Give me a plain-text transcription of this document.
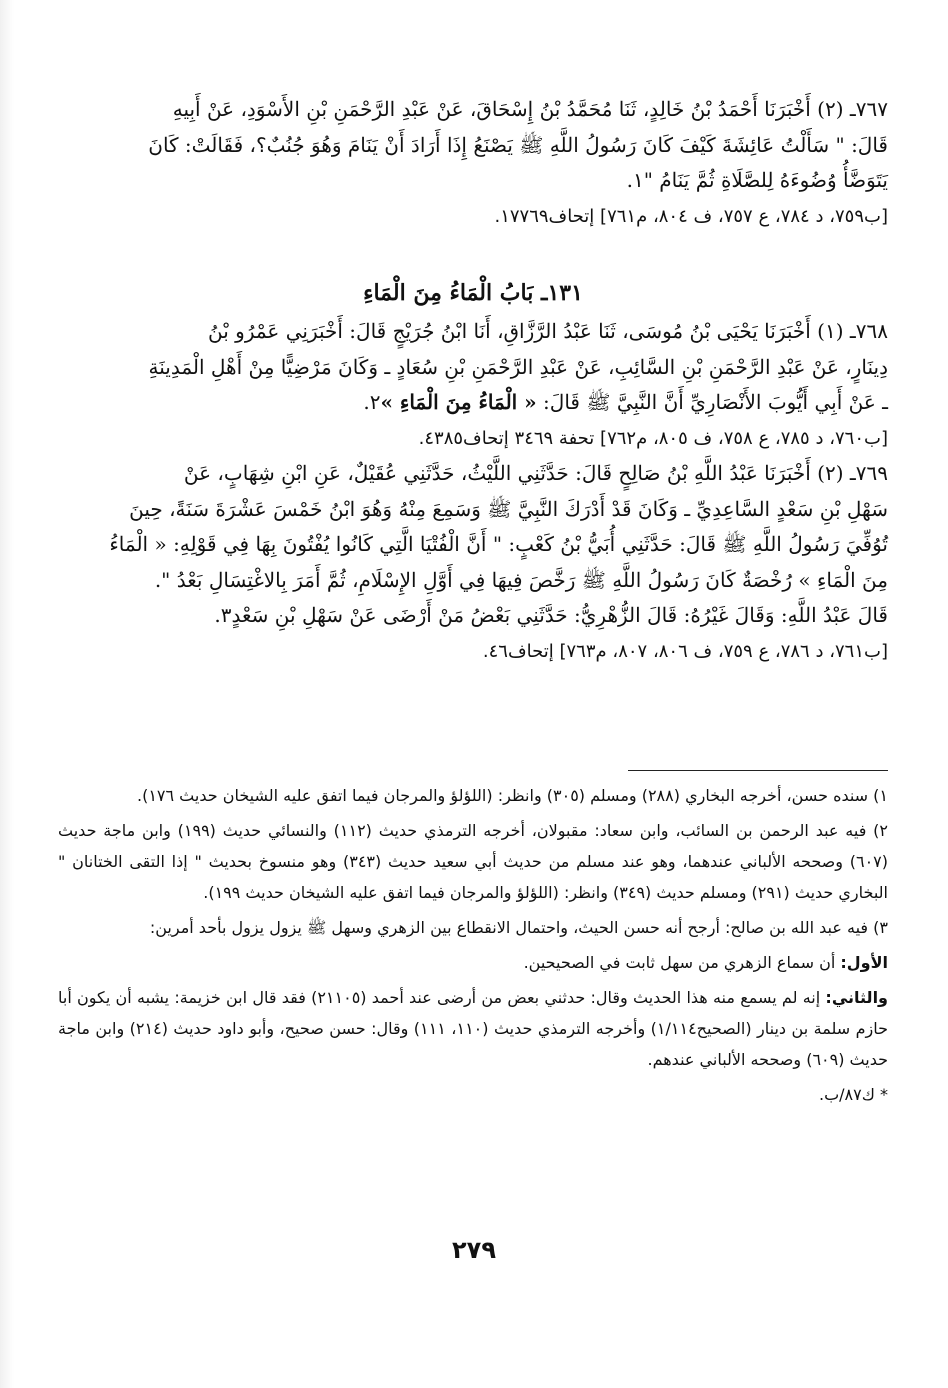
٧٦٧ـ (٢) أَخْبَرَنَا أَحْمَدُ بْنُ خَالِدٍ، ثَنَا مُحَمَّدُ بْنُ إِسْحَاقَ، عَنْ عَبْدِ الرَّحْمَنِ بْنِ الأَسْوَدِ، عَنْ أَبِيهِ

قَالَ: " سَأَلْتُ عَائِشَةَ كَيْفَ كَانَ رَسُولُ اللَّهِ ﷺ يَصْنَعُ إِذَا أَرَادَ أَنْ يَنَامَ وَهُوَ جُنُبٌ؟، فَقَالَتْ: كَانَ

يَتَوَضَّأُ وُضُوءَهُ لِلصَّلَاةِ ثُمَّ يَنَامُ "١.

[ب٧٥٩، د ٧٨٤، ع ٧٥٧، ف ٨٠٤، م٧٦١] إتحاف١٧٧٦٩.

١٣١ـ بَابُ الْمَاءُ مِنَ الْمَاءِ

٧٦٨ـ (١) أَخْبَرَنَا يَحْيَى بْنُ مُوسَى، ثَنَا عَبْدُ الرَّزَّاقِ، أَنَا ابْنُ جُرَيْجٍ قَالَ: أَخْبَرَنِي عَمْرُو بْنُ

دِينَارٍ، عَنْ عَبْدِ الرَّحْمَنِ بْنِ السَّائِبِ، عَنْ عَبْدِ الرَّحْمَنِ بْنِ سُعَادٍ ـ وَكَانَ مَرْضِيًّا مِنْ أَهْلِ الْمَدِينَةِ

ـ عَنْ أَبِي أَيُّوبَ الأَنْصَارِيِّ أَنَّ النَّبِيَّ ﷺ قَالَ: « الْمَاءُ مِنَ الْمَاءِ »٢.

[ب٧٦٠، د ٧٨٥، ع ٧٥٨، ف ٨٠٥، م٧٦٢] تحفة ٣٤٦٩ إتحاف٤٣٨٥.

٧٦٩ـ (٢) أَخْبَرَنَا عَبْدُ اللَّهِ بْنُ صَالِحٍ قَالَ: حَدَّثَنِي اللَّيْثُ، حَدَّثَنِي عُقَيْلٌ، عَنِ ابْنِ شِهَابٍ، عَنْ

سَهْلِ بْنِ سَعْدٍ السَّاعِدِيِّ ـ وَكَانَ قَدْ أَدْرَكَ النَّبِيَّ ﷺ وَسَمِعَ مِنْهُ وَهُوَ ابْنُ خَمْسَ عَشْرَةَ سَنَةً، حِينَ

تُوُفِّيَ رَسُولُ اللَّهِ ﷺ قَالَ: حَدَّثَنِي أُبَيُّ بْنُ كَعْبٍ: " أَنَّ الْفُتْيَا الَّتِي كَانُوا يُفْتُونَ بِهَا فِي قَوْلِهِ: « الْمَاءُ

مِنَ الْمَاءِ » رُخْصَةٌ كَانَ رَسُولُ اللَّهِ ﷺ رَخَّصَ فِيهَا فِي أَوَّلِ الإِسْلَامِ، ثُمَّ أَمَرَ بِالاغْتِسَالِ بَعْدُ ".

قَالَ عَبْدُ اللَّهِ: وَقَالَ غَيْرُهُ: قَالَ الزُّهْرِيُّ: حَدَّثَنِي بَعْضُ مَنْ أَرْضَى عَنْ سَهْلِ بْنِ سَعْدٍ٣.

[ب٧٦١، د ٧٨٦، ع ٧٥٩، ف ٨٠٦، ٨٠٧، م٧٦٣] إتحاف٤٦.

١) سنده حسن، أخرجه البخاري (٢٨٨) ومسلم (٣٠٥) وانظر: (اللؤلؤ والمرجان فيما اتفق عليه الشيخان حديث ١٧٦).

٢) فيه عبد الرحمن بن السائب، وابن سعاد: مقبولان، أخرجه الترمذي حديث (١١٢) والنسائي حديث (١٩٩) وابن ماجة حديث (٦٠٧) وصححه الألباني عندهما، وهو عند مسلم من حديث أبي سعيد حديث (٣٤٣) وهو منسوخ بحديث " إذا التقى الختانان " البخاري حديث (٢٩١) ومسلم حديث (٣٤٩) وانظر: (اللؤلؤ والمرجان فيما اتفق عليه الشيخان حديث ١٩٩).

٣) فيه عبد الله بن صالح: أرجح أنه حسن الحيث، واحتمال الانقطاع بين الزهري وسهل ﷺ يزول يزول بأحد أمرين:

الأول: أن سماع الزهري من سهل ثابت في الصحيحين.

والثاني: إنه لم يسمع منه هذا الحديث وقال: حدثني بعض من أرضى عند أحمد (٢١١٠٥) فقد قال ابن خزيمة: يشبه أن يكون أبا حازم سلمة بن دينار (الصحيح١/١١٤) وأخرجه الترمذي حديث (١١٠، ١١١) وقال: حسن صحيح، وأبو داود حديث (٢١٤) وابن ماجة حديث (٦٠٩) وصححه الألباني عندهم.

* ك٨٧/ب.

٢٧٩
